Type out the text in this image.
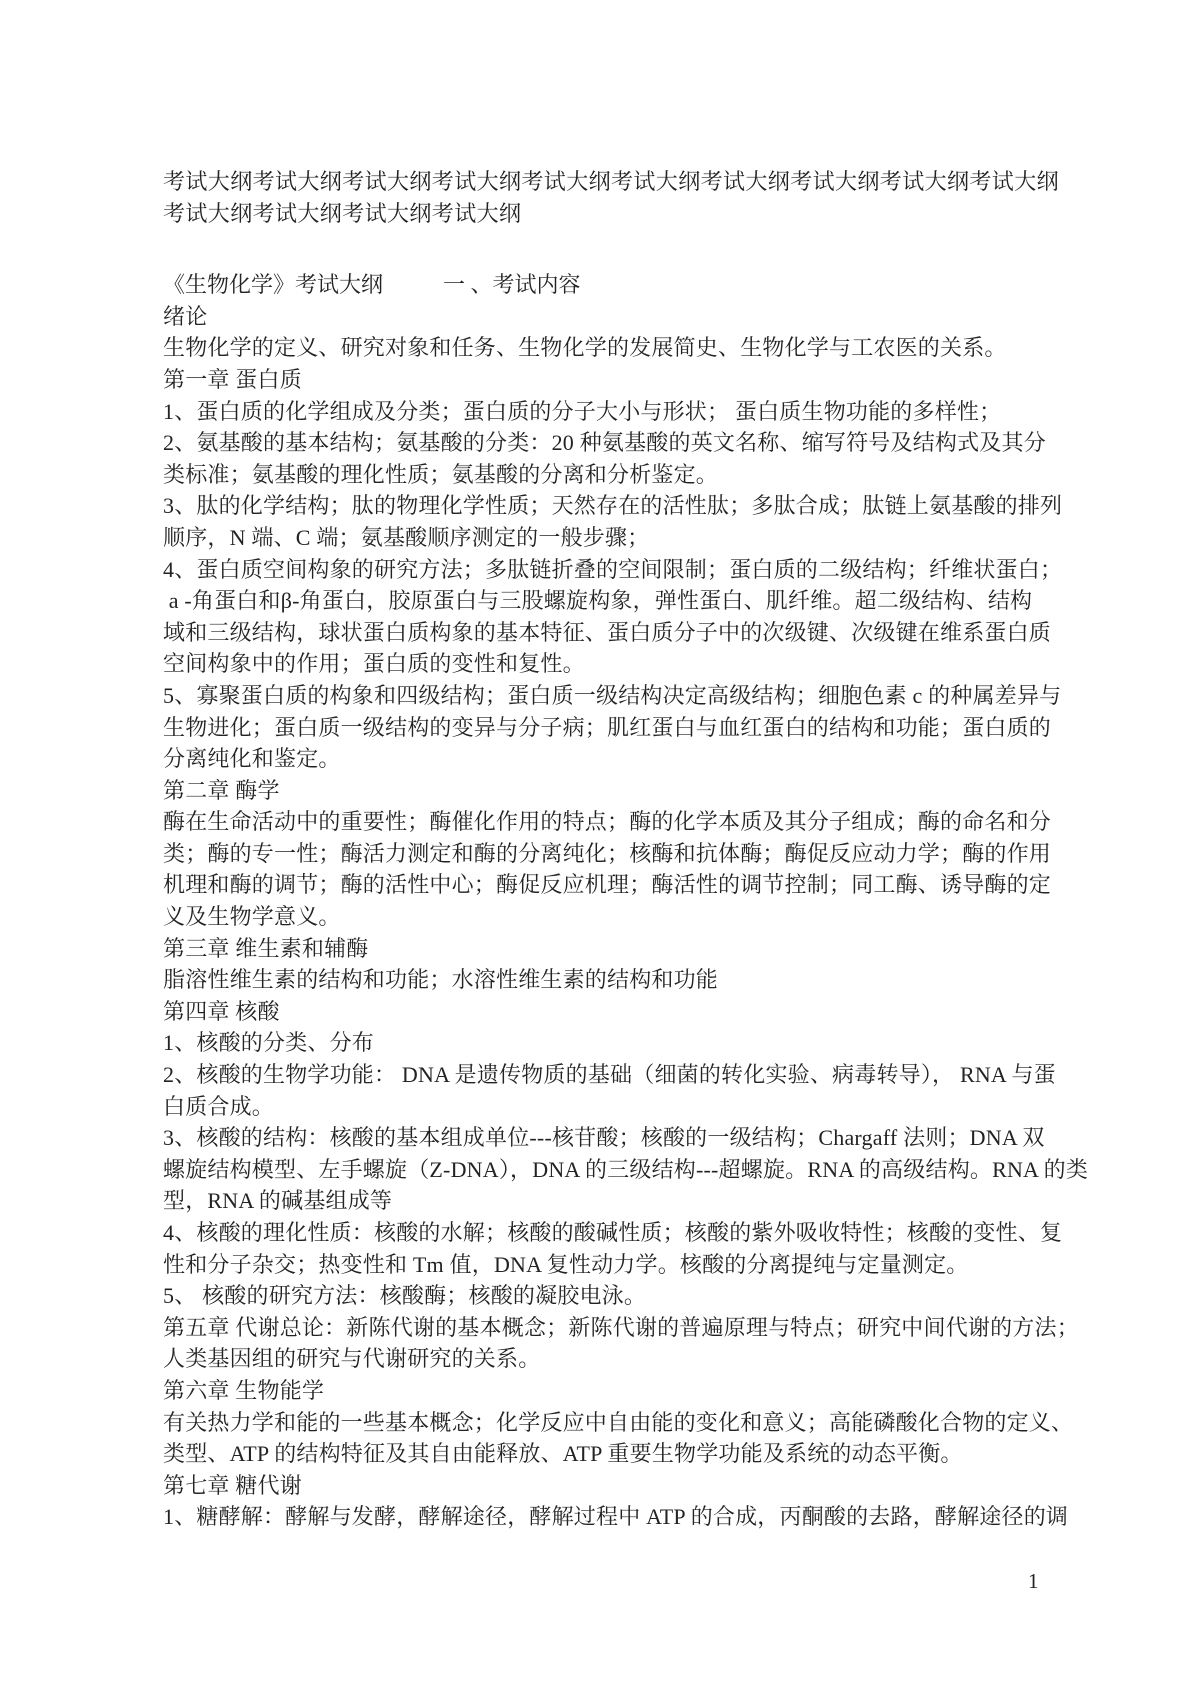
考试大纲考试大纲考试大纲考试大纲考试大纲考试大纲考试大纲考试大纲考试大纲考试大纲
考试大纲考试大纲考试大纲考试大纲
《生物化学》考试大纲	一 、考试内容
绪论
生物化学的定义、研究对象和任务、生物化学的发展简史、生物化学与工农医的关系。
第一章 蛋白质
1、蛋白质的化学组成及分类；蛋白质的分子大小与形状； 蛋白质生物功能的多样性；
2、氨基酸的基本结构；氨基酸的分类：20 种氨基酸的英文名称、缩写符号及结构式及其分
类标准；氨基酸的理化性质；氨基酸的分离和分析鉴定。
3、肽的化学结构；肽的物理化学性质；天然存在的活性肽；多肽合成；肽链上氨基酸的排列
顺序，N 端、C 端；氨基酸顺序测定的一般步骤；
4、蛋白质空间构象的研究方法；多肽链折叠的空间限制；蛋白质的二级结构；纤维状蛋白；
a -角蛋白和β-角蛋白，胶原蛋白与三股螺旋构象，弹性蛋白、肌纤维。超二级结构、结构
域和三级结构，球状蛋白质构象的基本特征、蛋白质分子中的次级键、次级键在维系蛋白质
空间构象中的作用；蛋白质的变性和复性。
5、寡聚蛋白质的构象和四级结构；蛋白质一级结构决定高级结构；细胞色素 c 的种属差异与
生物进化；蛋白质一级结构的变异与分子病；肌红蛋白与血红蛋白的结构和功能；蛋白质的
分离纯化和鉴定。
第二章 酶学
酶在生命活动中的重要性；酶催化作用的特点；酶的化学本质及其分子组成；酶的命名和分
类；酶的专一性；酶活力测定和酶的分离纯化；核酶和抗体酶；酶促反应动力学；酶的作用
机理和酶的调节；酶的活性中心；酶促反应机理；酶活性的调节控制；同工酶、诱导酶的定
义及生物学意义。
第三章 维生素和辅酶
脂溶性维生素的结构和功能；水溶性维生素的结构和功能
第四章 核酸
1、核酸的分类、分布
2、核酸的生物学功能： DNA 是遗传物质的基础（细菌的转化实验、病毒转导）， RNA 与蛋
白质合成。
3、核酸的结构：核酸的基本组成单位---核苷酸；核酸的一级结构；Chargaff 法则；DNA 双
螺旋结构模型、左手螺旋（Z-DNA），DNA 的三级结构---超螺旋。RNA 的高级结构。RNA 的类
型，RNA 的碱基组成等
4、核酸的理化性质：核酸的水解；核酸的酸碱性质；核酸的紫外吸收特性；核酸的变性、复
性和分子杂交；热变性和 Tm 值，DNA 复性动力学。核酸的分离提纯与定量测定。
5、 核酸的研究方法：核酸酶；核酸的凝胶电泳。
第五章 代谢总论：新陈代谢的基本概念；新陈代谢的普遍原理与特点；研究中间代谢的方法；
人类基因组的研究与代谢研究的关系。
第六章 生物能学
有关热力学和能的一些基本概念；化学反应中自由能的变化和意义；高能磷酸化合物的定义、
类型、ATP 的结构特征及其自由能释放、ATP 重要生物学功能及系统的动态平衡。
第七章 糖代谢
1、糖酵解：酵解与发酵，酵解途径，酵解过程中 ATP 的合成，丙酮酸的去路，酵解途径的调
1
